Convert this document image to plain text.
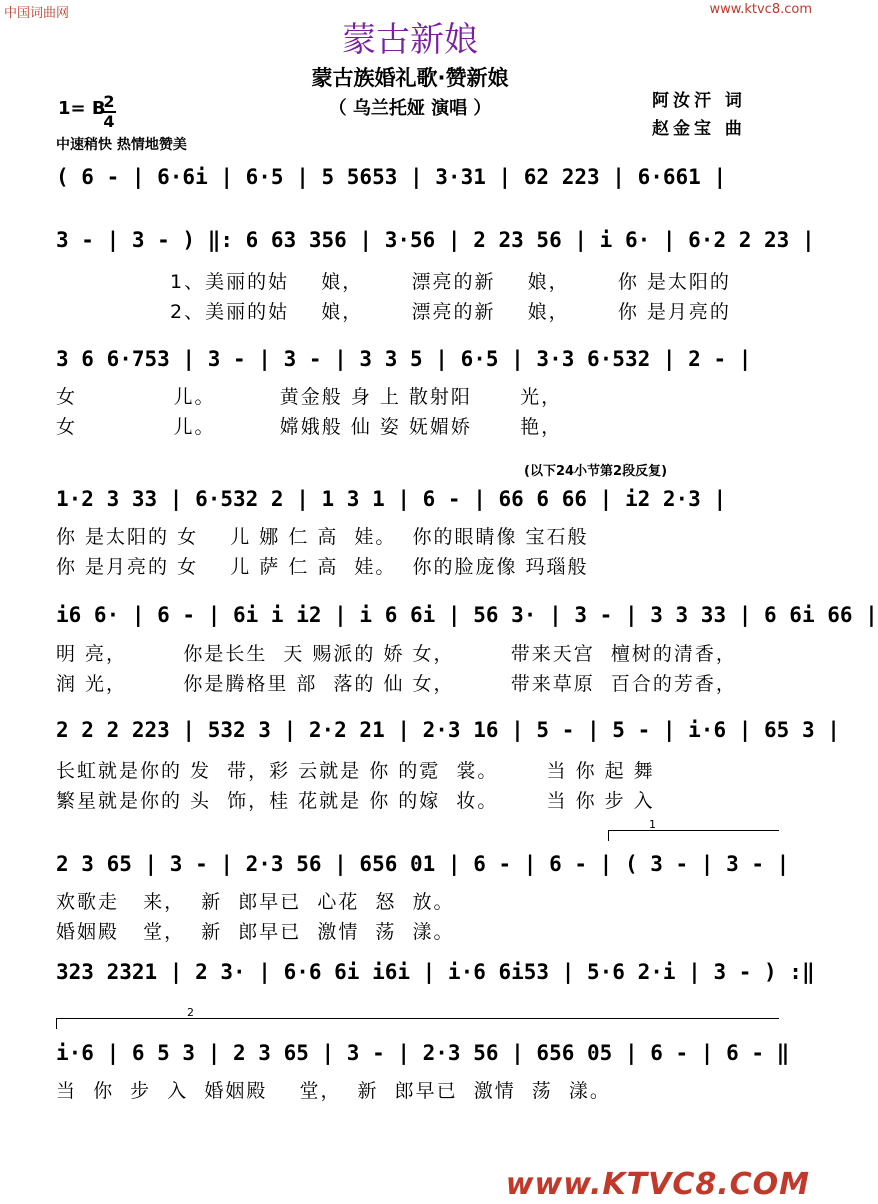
中国词曲网	www.ktvc8.com
蒙古新娘
蒙古族婚礼歌·赞新娘
（ 乌兰托娅 演唱 ）	阿汝汗 词
赵金宝 曲
1= B
2
4
中速稍快 热情地赞美
( 6 - | 6·6i | 6·5 | 5 5653 | 3·31 | 62 223 | 6·661 |
3 - | 3 - ) ‖: 6 63 356 | 3·56 | 2 23 56 | i 6· | 6·2 2 23 |
1、美丽的姑    娘，      漂亮的新    娘，      你 是太阳的
2、美丽的姑    娘，      漂亮的新    娘，      你 是月亮的
3 6 6·753 | 3 - | 3 - | 3 3 5 | 6·5 | 3·3 6·532 | 2 - |
女            儿。        黄金般 身 上 散射阳      光，
女            儿。        嫦娥般 仙 姿 妩媚娇      艳，
(以下24小节第2段反复)
1·2 3 33 | 6·532 2 | 1 3 1 | 6 - | 66 6 66 | i2 2·3 |
你 是太阳的 女    儿 娜 仁 高  娃。  你的眼睛像 宝石般
你 是月亮的 女    儿 萨 仁 高  娃。  你的脸庞像 玛瑙般
i6 6· | 6 - | 6i i i2 | i 6 6i | 56 3· | 3 - | 3 3 33 | 6 6i 66 |
明 亮，       你是长生  天 赐派的 娇 女，       带来天宫  檀树的清香，
润 光，       你是腾格里 部  落的 仙 女，       带来草原  百合的芳香，
2 2 2 223 | 532 3 | 2·2 21 | 2·3 16 | 5 - | 5 - | i·6 | 65 3 |
长虹就是你的 发  带，彩 云就是 你 的霓  裳。      当 你 起 舞
繁星就是你的 头  饰，桂 花就是 你 的嫁  妆。      当 你 步 入
1
2 3 65 | 3 - | 2·3 56 | 656 01 | 6 - | 6 - | ( 3 - | 3 - |
欢歌走   来，  新  郎早已  心花  怒  放。
婚姻殿   堂，  新  郎早已  激情  荡  漾。
323 2321 | 2 3· | 6·6 6i i6i | i·6 6i53 | 5·6 2·i | 3 - ) :‖
2
i·6 | 6 5 3 | 2 3 65 | 3 - | 2·3 56 | 656 05 | 6 - | 6 - ‖
当  你  步  入  婚姻殿    堂，  新  郎早已  激情  荡  漾。
www.KTVC8.COM
